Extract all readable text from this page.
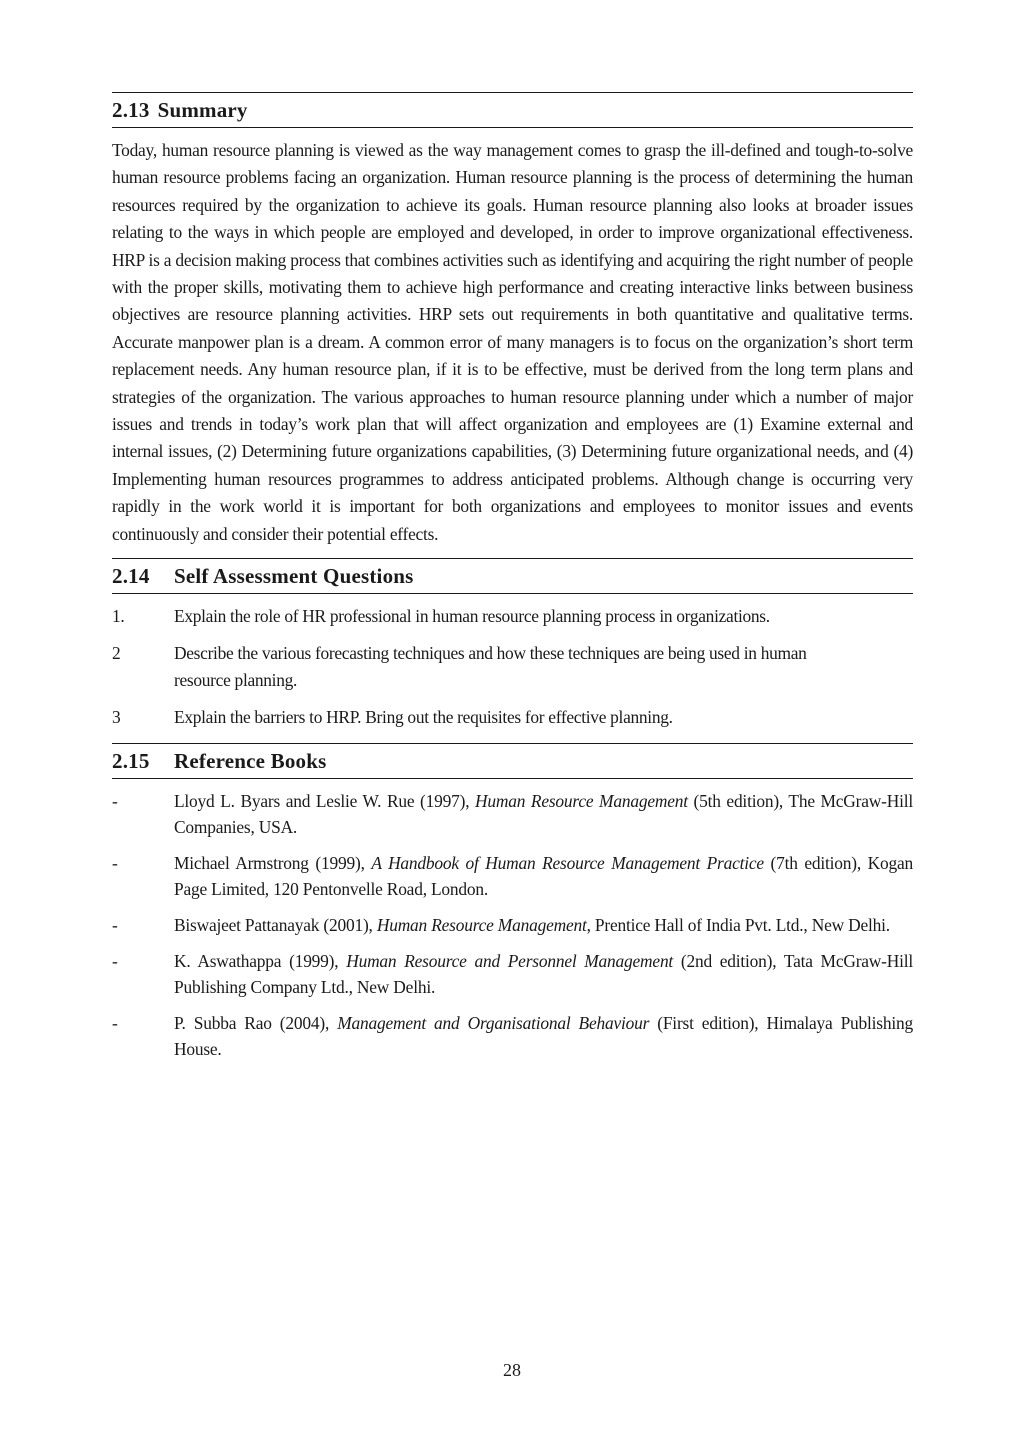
2.13 Summary

Today, human resource planning is viewed as the way management comes to grasp the ill-defined and tough-to-solve human resource problems facing an organization. Human resource planning is the process of determining the human resources required by the organization to achieve its goals. Human resource planning also looks at broader issues relating to the ways in which people are employed and developed, in order to improve organizational effectiveness. HRP is a decision making process that combines activities such as identifying and acquiring the right number of people with the proper skills, motivating them to achieve high performance and creating interactive links between business objectives are resource planning activities. HRP sets out requirements in both quantitative and qualitative terms. Accurate manpower plan is a dream. A common error of many managers is to focus on the organization’s short term replacement needs. Any human resource plan, if it is to be effective, must be derived from the long term plans and strategies of the organization. The various approaches to human resource planning under which a number of major issues and trends in today’s work plan that will affect organization and employees are (1) Examine external and internal issues, (2) Determining future organizations capabilities, (3) Determining future organizational needs, and (4) Implementing human resources programmes to address anticipated problems. Although change is occurring very rapidly in the work world it is important for both organizations and employees to monitor issues and events continuously and consider their potential effects.

2.14	Self Assessment Questions
1.	Explain the role of HR professional in human resource planning process in organizations.
2	Describe the various forecasting techniques and how these techniques are being used in human resource planning.
3	Explain the barriers to HRP. Bring out the requisites for effective planning.
2.15	Reference Books
-	Lloyd L. Byars and Leslie W. Rue (1997), Human Resource Management (5th edition), The McGraw-Hill Companies, USA.
-	Michael Armstrong (1999), A Handbook of Human Resource Management Practice (7th edition), Kogan Page Limited, 120 Pentonvelle Road, London.
-	Biswajeet Pattanayak (2001), Human Resource Management, Prentice Hall of India Pvt. Ltd., New Delhi.
-	K. Aswathappa (1999), Human Resource and Personnel Management (2nd edition), Tata McGraw-Hill Publishing Company Ltd., New Delhi.
-	P. Subba Rao (2004), Management and Organisational Behaviour (First edition), Himalaya Publishing House.
28
